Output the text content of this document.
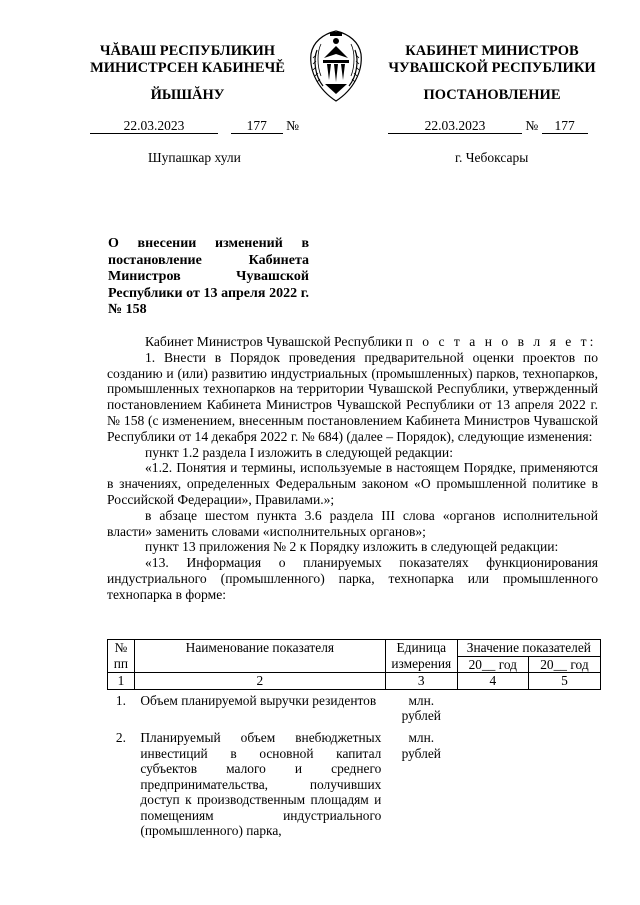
ЧĂВАШ РЕСПУБЛИКИН
МИНИСТРСЕН КАБИНЕЧĚ
ЙЫШĂНУ
КАБИНЕТ МИНИСТРОВ
ЧУВАШСКОЙ РЕСПУБЛИКИ
ПОСТАНОВЛЕНИЕ
22.03.2023	177 №	22.03.2023	№ 177
Шупашкар хули	г. Чебоксары
О внесении изменений в постановление Кабинета Министров Чувашской Республики от 13 апреля 2022 г. № 158

Кабинет Министров Чувашской Республики п о с т а н о в л я е т:

1. Внести в Порядок проведения предварительной оценки проектов по созданию и (или) развитию индустриальных (промышленных) парков, технопарков, промышленных технопарков на территории Чувашской Республики, утвержденный постановлением Кабинета Министров Чувашской Республики от 13 апреля 2022 г. № 158 (с изменением, внесенным постановлением Кабинета Министров Чувашской Республики от 14 декабря 2022 г. № 684) (далее – Порядок), следующие изменения:

пункт 1.2 раздела I изложить в следующей редакции:

«1.2. Понятия и термины, используемые в настоящем Порядке, применяются в значениях, определенных Федеральным законом «О промышленной политике в Российской Федерации», Правилами.»;

в абзаце шестом пункта 3.6 раздела III слова «органов исполнительной власти» заменить словами «исполнительных органов»;

пункт 13 приложения № 2 к Порядку изложить в следующей редакции:

«13. Информация о планируемых показателях функционирования индустриального (промышленного) парка, технопарка или промышленного технопарка в форме:

№ пп	Наименование показателя	Единица измерения	Значение показателей	
			20__ год	20__ год
1	2	3	4	5
1.	Объем планируемой выручки резидентов	млн. рублей		
2.	Планируемый объем внебюджетных инвестиций в основной капитал субъектов малого и среднего предпринимательства, получивших доступ к производственным площадям и помещениям индустриального (промышленного) парка,	млн. рублей		
